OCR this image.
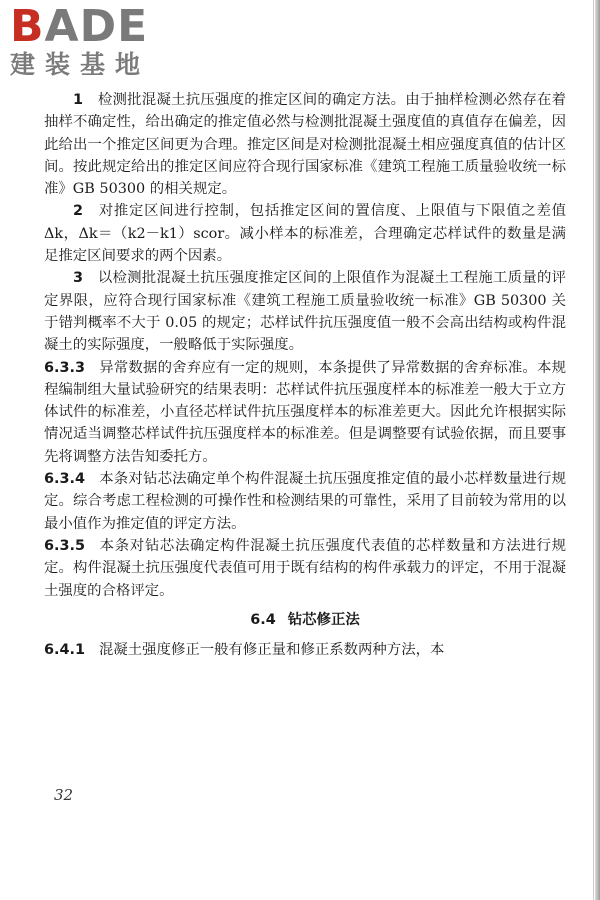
BADE
建装基地

1　 检测批混凝土抗压强度的推定区间的确定方法。由于抽样检测必然存在着抽样不确定性，给出确定的推定值必然与检测批混凝土强度值的真值存在偏差，因此给出一个推定区间更为合理。推定区间是对检测批混凝土相应强度真值的估计区间。按此规定给出的推定区间应符合现行国家标准《建筑工程施工质量验收统一标准》GB 50300 的相关规定。

2　 对推定区间进行控制，包括推定区间的置信度、上限值与下限值之差值 Δk，Δk＝（k2－k1）scor。减小样本的标准差，合理确定芯样试件的数量是满足推定区间要求的两个因素。

3　 以检测批混凝土抗压强度推定区间的上限值作为混凝土工程施工质量的评定界限，应符合现行国家标准《建筑工程施工质量验收统一标准》GB 50300 关于错判概率不大于 0.05 的规定；芯样试件抗压强度值一般不会高出结构或构件混凝土的实际强度，一般略低于实际强度。

6.3.3 异常数据的舍弃应有一定的规则，本条提供了异常数据的舍弃标准。本规程编制组大量试验研究的结果表明：芯样试件抗压强度样本的标准差一般大于立方体试件的标准差，小直径芯样试件抗压强度样本的标准差更大。因此允许根据实际情况适当调整芯样试件抗压强度样本的标准差。但是调整要有试验依据，而且要事先将调整方法告知委托方。

6.3.4 本条对钻芯法确定单个构件混凝土抗压强度推定值的最小芯样数量进行规定。综合考虑工程检测的可操作性和检测结果的可靠性，采用了目前较为常用的以最小值作为推定值的评定方法。

6.3.5 本条对钻芯法确定构件混凝土抗压强度代表值的芯样数量和方法进行规定。构件混凝土抗压强度代表值可用于既有结构的构件承载力的评定，不用于混凝土强度的合格评定。

6.4 钻芯修正法

6.4.1 混凝土强度修正一般有修正量和修正系数两种方法，本

32
